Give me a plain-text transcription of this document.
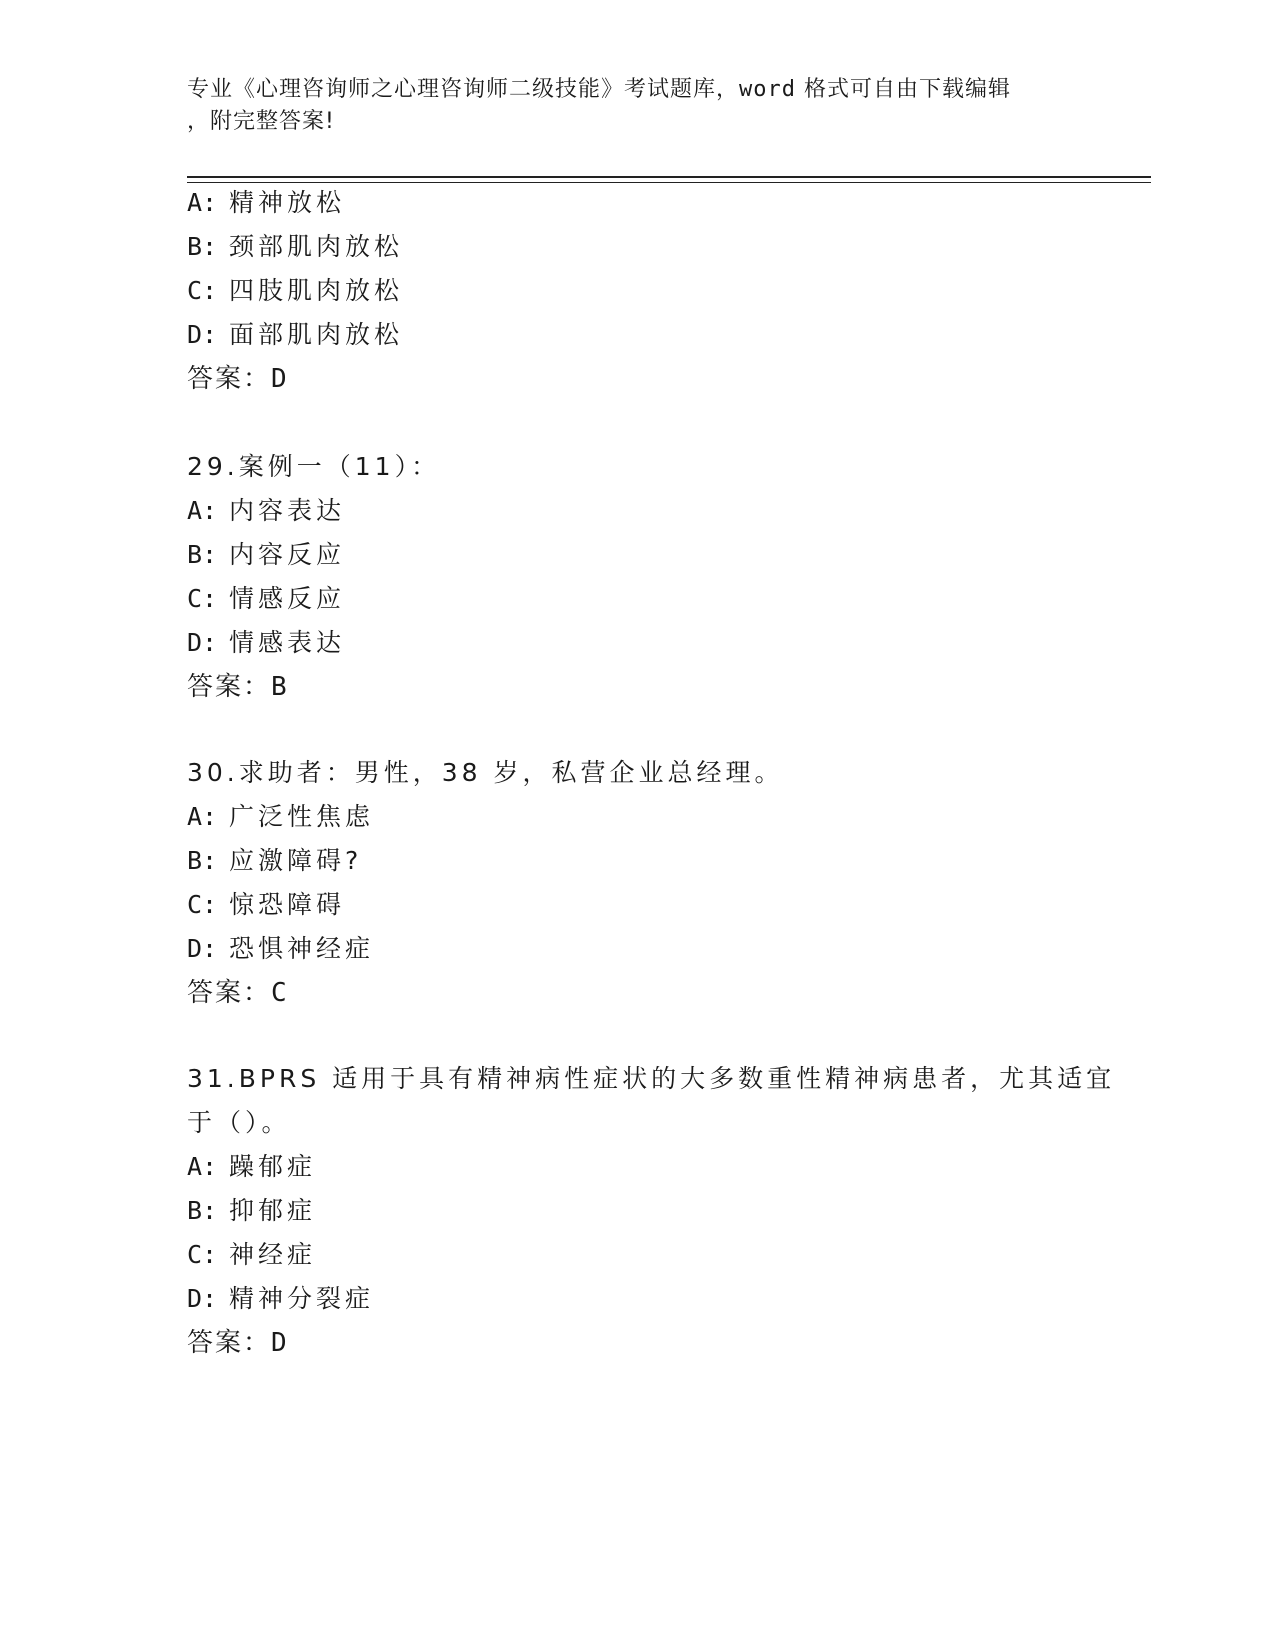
专业《心理咨询师之心理咨询师二级技能》考试题库，word 格式可自由下载编辑
，附完整答案!
A: 精神放松
B: 颈部肌肉放松
C: 四肢肌肉放松
D: 面部肌肉放松
答案：D
29.案例一（11）：
A: 内容表达
B: 内容反应
C: 情感反应
D: 情感表达
答案：B
30.求助者：男性，38 岁，私营企业总经理。
A: 广泛性焦虑
B: 应激障碍?
C: 惊恐障碍
D: 恐惧神经症
答案：C
31.BPRS 适用于具有精神病性症状的大多数重性精神病患者，尤其适宜
于（）。
A: 躁郁症
B: 抑郁症
C: 神经症
D: 精神分裂症
答案：D
